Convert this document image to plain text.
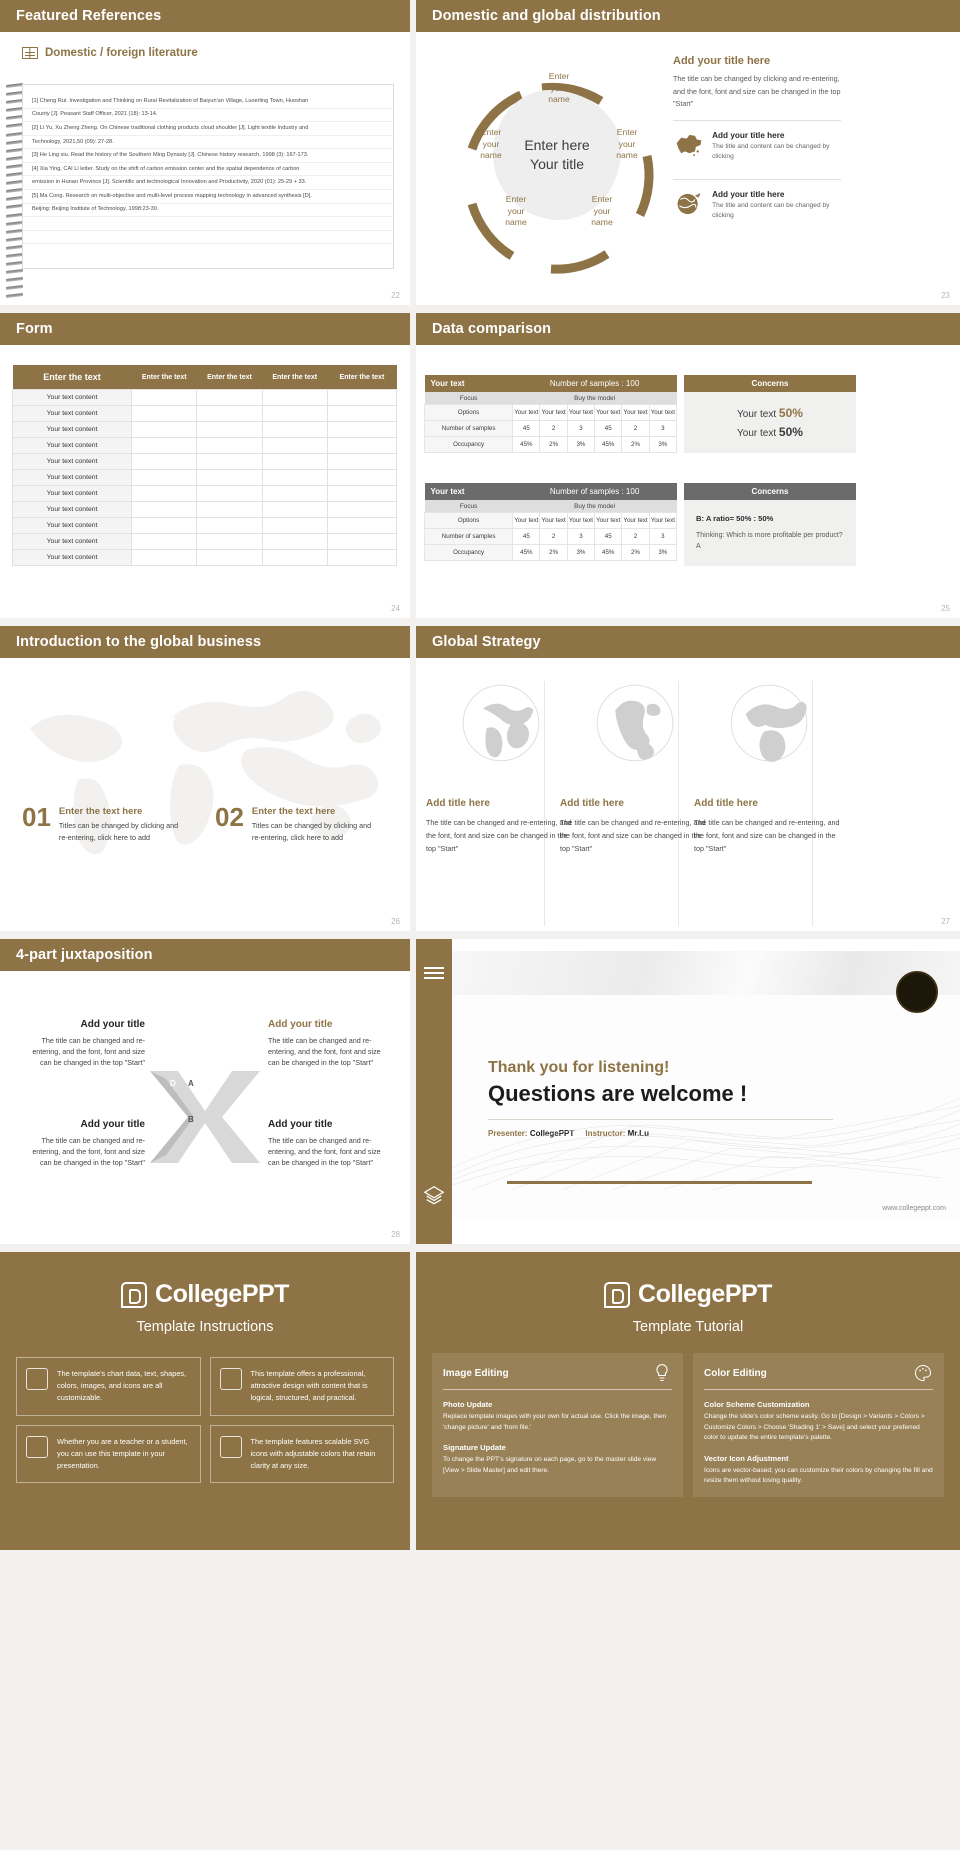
Featured References
Domestic / foreign literature
[1] Cheng Rui. Investigation and Thinking on Rural Revitalization of Baiyun'an Village, Luoerling Town, Huoshan
County [J]. Peasant Staff Officer, 2021 (18): 13-14.
[2] Li Yu, Xu Zheng Zheng. On Chinese traditional clothing products cloud shoulder [J]. Light textile Industry and
Technology, 2021,50 (09): 27-28.
[3] He Ling xiu. Read the history of the Southern Ming Dynasty [J]. Chinese history research, 1998 (3): 167-173.
[4] Xia Ying, CAI Li letter. Study on the shift of carbon emission center and the spatial dependence of carbon
emission in Hunan Province [J]. Scientific and technological Innovation and Productivity, 2020 (01): 25-29 + 33.
[5] Ma Cong. Research on multi-objective and multi-level process mapping technology in advanced synthesis [D].
Beijing: Beijing Institute of Technology, 1998:23-30.

22
Domestic and global distribution
Enter here
Your title
Enter
your
name
Enter
your
name
Enter
your
name
Enter
your
name
Enter
your
name
Add your title here

The title can be changed by clicking and re-entering, and the font, font and size can be changed in the top "Start"

Add your title here

The title and content can be changed by clicking

Add your title here

The title and content can be changed by clicking

23
Form
Enter the text	Enter the text	Enter the text	Enter the text	Enter the text
Your text content				
Your text content				
Your text content				
Your text content				
Your text content				
Your text content				
Your text content				
Your text content				
Your text content				
Your text content				
Your text content				
24
Data comparison
Your text	Number of samples : 100					
Focus	Buy the model					
Options	Your text	Your text	Your text	Your text	Your text	Your text
Number of samples	45	2	3	45	2	3
Occupancy	45%	2%	3%	45%	2%	3%
Your text	Number of samples : 100					
Focus	Buy the model					
Options	Your text	Your text	Your text	Your text	Your text	Your text
Number of samples	45	2	3	45	2	3
Occupancy	45%	2%	3%	45%	2%	3%
Concerns
Your text 50%
Your text 50%
Concerns
B: A ratio= 50% : 50%
Thinking: Which is more profitable per product?A
25
Introduction to the global business
01 Enter the text here

Titles can be changed by clicking and re-entering, click here to add

02 Enter the text here

Titles can be changed by clicking and re-entering, click here to add

26
Global Strategy
Add title here

The title can be changed and re-entering, and the font, font and size can be changed in the top "Start"

Add title here

The title can be changed and re-entering, and the font, font and size can be changed in the top "Start"

Add title here

The title can be changed and re-entering, and the font, font and size can be changed in the top "Start"

27
4-part juxtaposition
D A
C B
Add your title

The title can be changed and re-entering, and the font, font and size can be changed in the top "Start"

Add your title

The title can be changed and re-entering, and the font, font and size can be changed in the top "Start"

Add your title

The title can be changed and re-entering, and the font, font and size can be changed in the top "Start"

Add your title

The title can be changed and re-entering, and the font, font and size can be changed in the top "Start"

28
Thank you for listening!
Questions are welcome !
Presenter: CollegePPT Instructor: Mr.Lu
www.collegeppt.com
CollegePPT
Template Instructions

The template's chart data, text, shapes, colors, images, and icons are all customizable.

This template offers a professional, attractive design with content that is logical, structured, and practical.

Whether you are a teacher or a student, you can use this template in your presentation.

The template features scalable SVG icons with adjustable colors that retain clarity at any size.

CollegePPT
Template Tutorial
Image Editing
Photo Update

Replace template images with your own for actual use. Click the image, then 'change picture' and 'from file.'

Signature Update

To change the PPT's signature on each page, go to the master slide view [View > Slide Master] and edit there.

Color Editing
Color Scheme Customization

Change the slide's color scheme easily. Go to [Design > Variants > Colors > Customize Colors > Choose 'Shading 1' > Save] and select your preferred color to update the entire template's palette.

Vector Icon Adjustment

Icons are vector-based; you can customize their colors by changing the fill and resize them without losing quality.
